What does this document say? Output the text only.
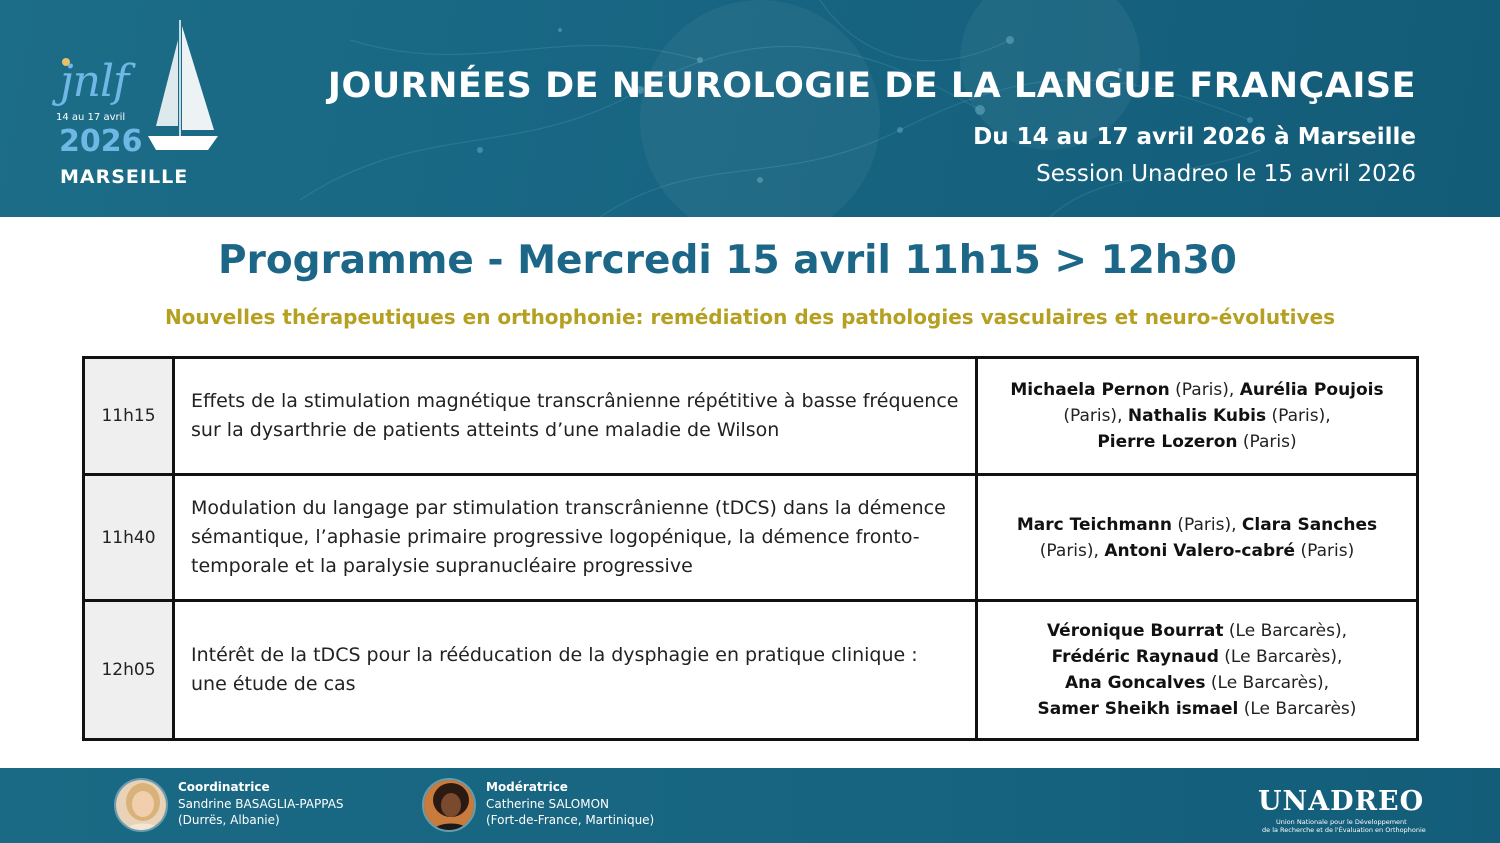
jnlf
14 au 17 avril
2026
MARSEILLE
JOURNÉES DE NEUROLOGIE DE LA LANGUE FRANÇAISE
Du 14 au 17 avril 2026 à Marseille
Session Unadreo le 15 avril 2026
Programme - Mercredi 15 avril 11h15 > 12h30
Nouvelles thérapeutiques en orthophonie: remédiation des pathologies vasculaires et neuro-évolutives
11h15
Effets de la stimulation magnétique transcrânienne répétitive à basse fréquence sur la dysarthrie de patients atteints d’une maladie de Wilson
Michaela Pernon (Paris), Aurélia Poujois
(Paris), Nathalis Kubis (Paris),
Pierre Lozeron (Paris)
11h40
Modulation du langage par stimulation transcrânienne (tDCS) dans la démence sémantique, l’aphasie primaire progressive logopénique, la démence fronto-temporale et la paralysie supranucléaire progressive
Marc Teichmann (Paris), Clara Sanches
(Paris), Antoni Valero-cabré (Paris)
12h05
Intérêt de la tDCS pour la rééducation de la dysphagie en pratique clinique : une étude de cas
Véronique Bourrat (Le Barcarès),
Frédéric Raynaud (Le Barcarès),
Ana Goncalves (Le Barcarès),
Samer Sheikh ismael (Le Barcarès)
Coordinatrice
Sandrine BASAGLIA-PAPPAS
(Durrës, Albanie)
Modératrice
Catherine SALOMON
(Fort-de-France, Martinique)
UNADREO
Union Nationale pour le Développement
de la Recherche et de l'Évaluation en Orthophonie
